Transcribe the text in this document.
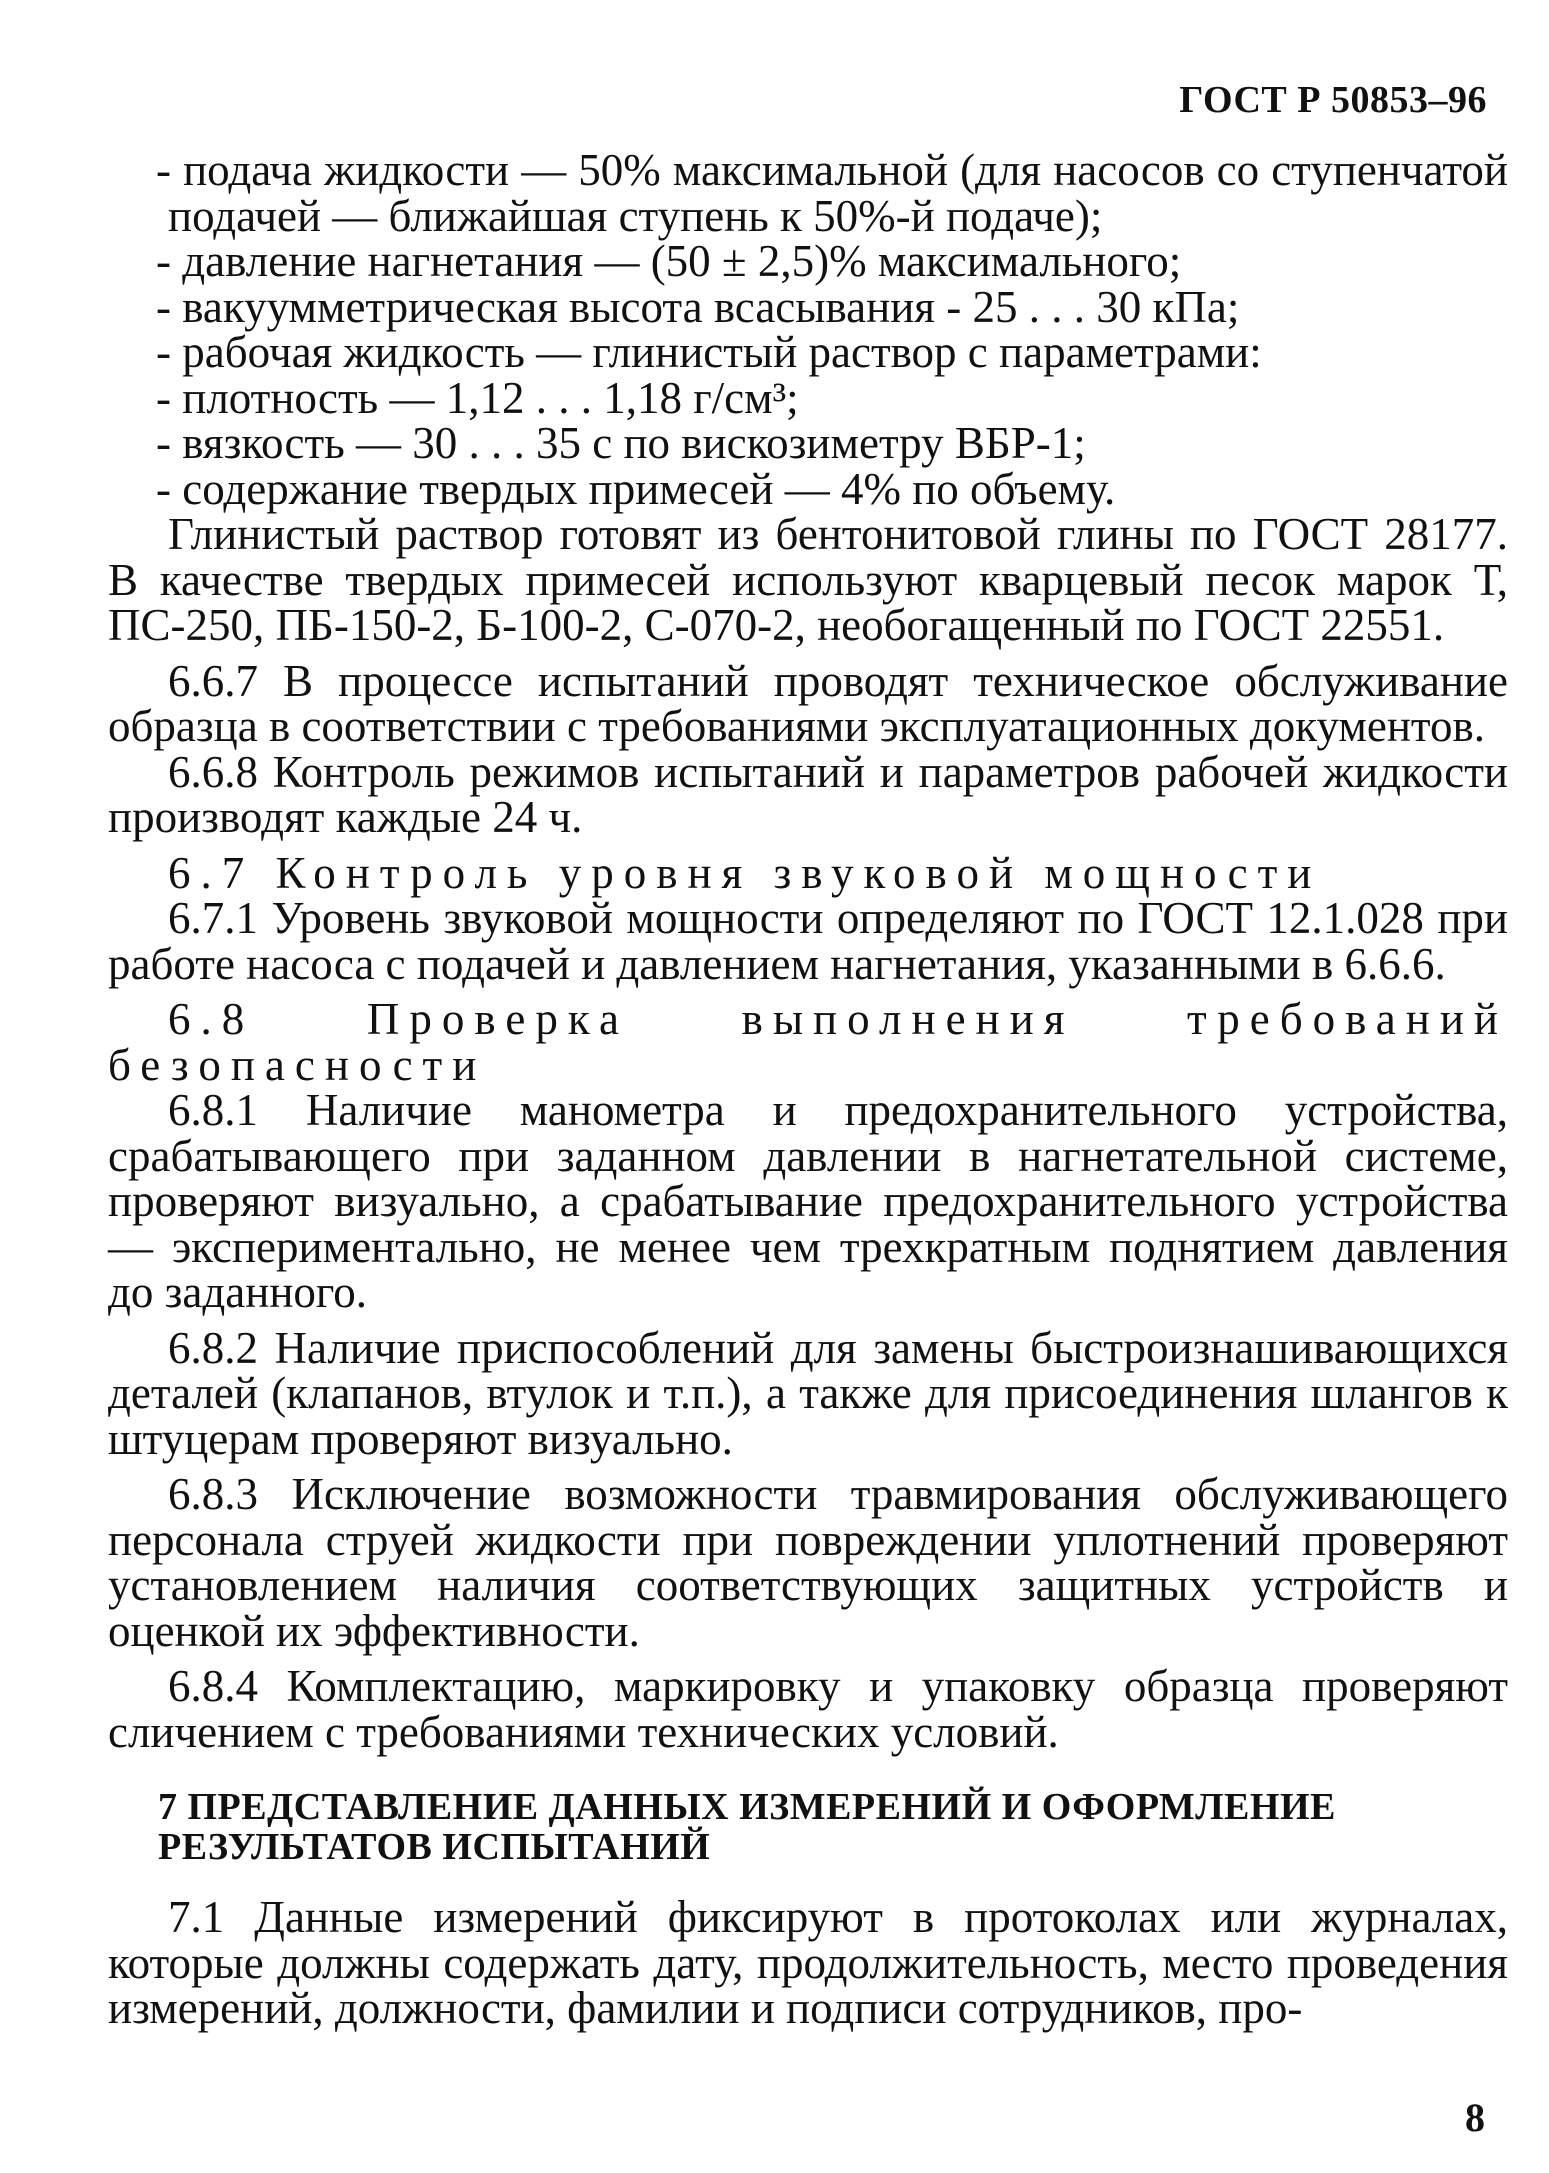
ГОСТ Р 50853–96

- подача жидкости — 50% максимальной (для насосов со ступенчатой подачей — ближайшая ступень к 50%-й подаче);

- давление нагнетания — (50 ± 2,5)% максимального;

- вакуумметрическая высота всасывания - 25 . . . 30 кПа;

- рабочая жидкость — глинистый раствор с параметрами:

- плотность — 1,12 . . . 1,18 г/см³;

- вязкость — 30 . . . 35 с по вискозиметру ВБР-1;

- содержание твердых примесей — 4% по объему.

Глинистый раствор готовят из бентонитовой глины по ГОСТ 28177. В качестве твердых примесей используют кварцевый песок марок Т, ПС-250, ПБ-150-2, Б-100-2, С-070-2, необогащенный по ГОСТ 22551.

6.6.7 В процессе испытаний проводят техническое обслуживание образца в соответствии с требованиями эксплуатационных документов.

6.6.8 Контроль режимов испытаний и параметров рабочей жидкости производят каждые 24 ч.

6.7 Контроль уровня звуковой мощности

6.7.1 Уровень звуковой мощности определяют по ГОСТ 12.1.028 при работе насоса с подачей и давлением нагнетания, указанными в 6.6.6.

6.8 Проверка выполнения требований безопасности

6.8.1 Наличие манометра и предохранительного устройства, срабатывающего при заданном давлении в нагнетательной системе, проверяют визуально, а срабатывание предохранительного устройства — экспериментально, не менее чем трехкратным поднятием давления до заданного.

6.8.2 Наличие приспособлений для замены быстроизнашивающихся деталей (клапанов, втулок и т.п.), а также для присоединения шлангов к штуцерам проверяют визуально.

6.8.3 Исключение возможности травмирования обслуживающего персонала струей жидкости при повреждении уплотнений проверяют установлением наличия соответствующих защитных устройств и оценкой их эффективности.

6.8.4 Комплектацию, маркировку и упаковку образца проверяют сличением с требованиями технических условий.

7 ПРЕДСТАВЛЕНИЕ ДАННЫХ ИЗМЕРЕНИЙ И ОФОРМЛЕНИЕ РЕЗУЛЬТАТОВ ИСПЫТАНИЙ

7.1 Данные измерений фиксируют в протоколах или журналах, которые должны содержать дату, продолжительность, место проведения измерений, должности, фамилии и подписи сотрудников, про-

8
